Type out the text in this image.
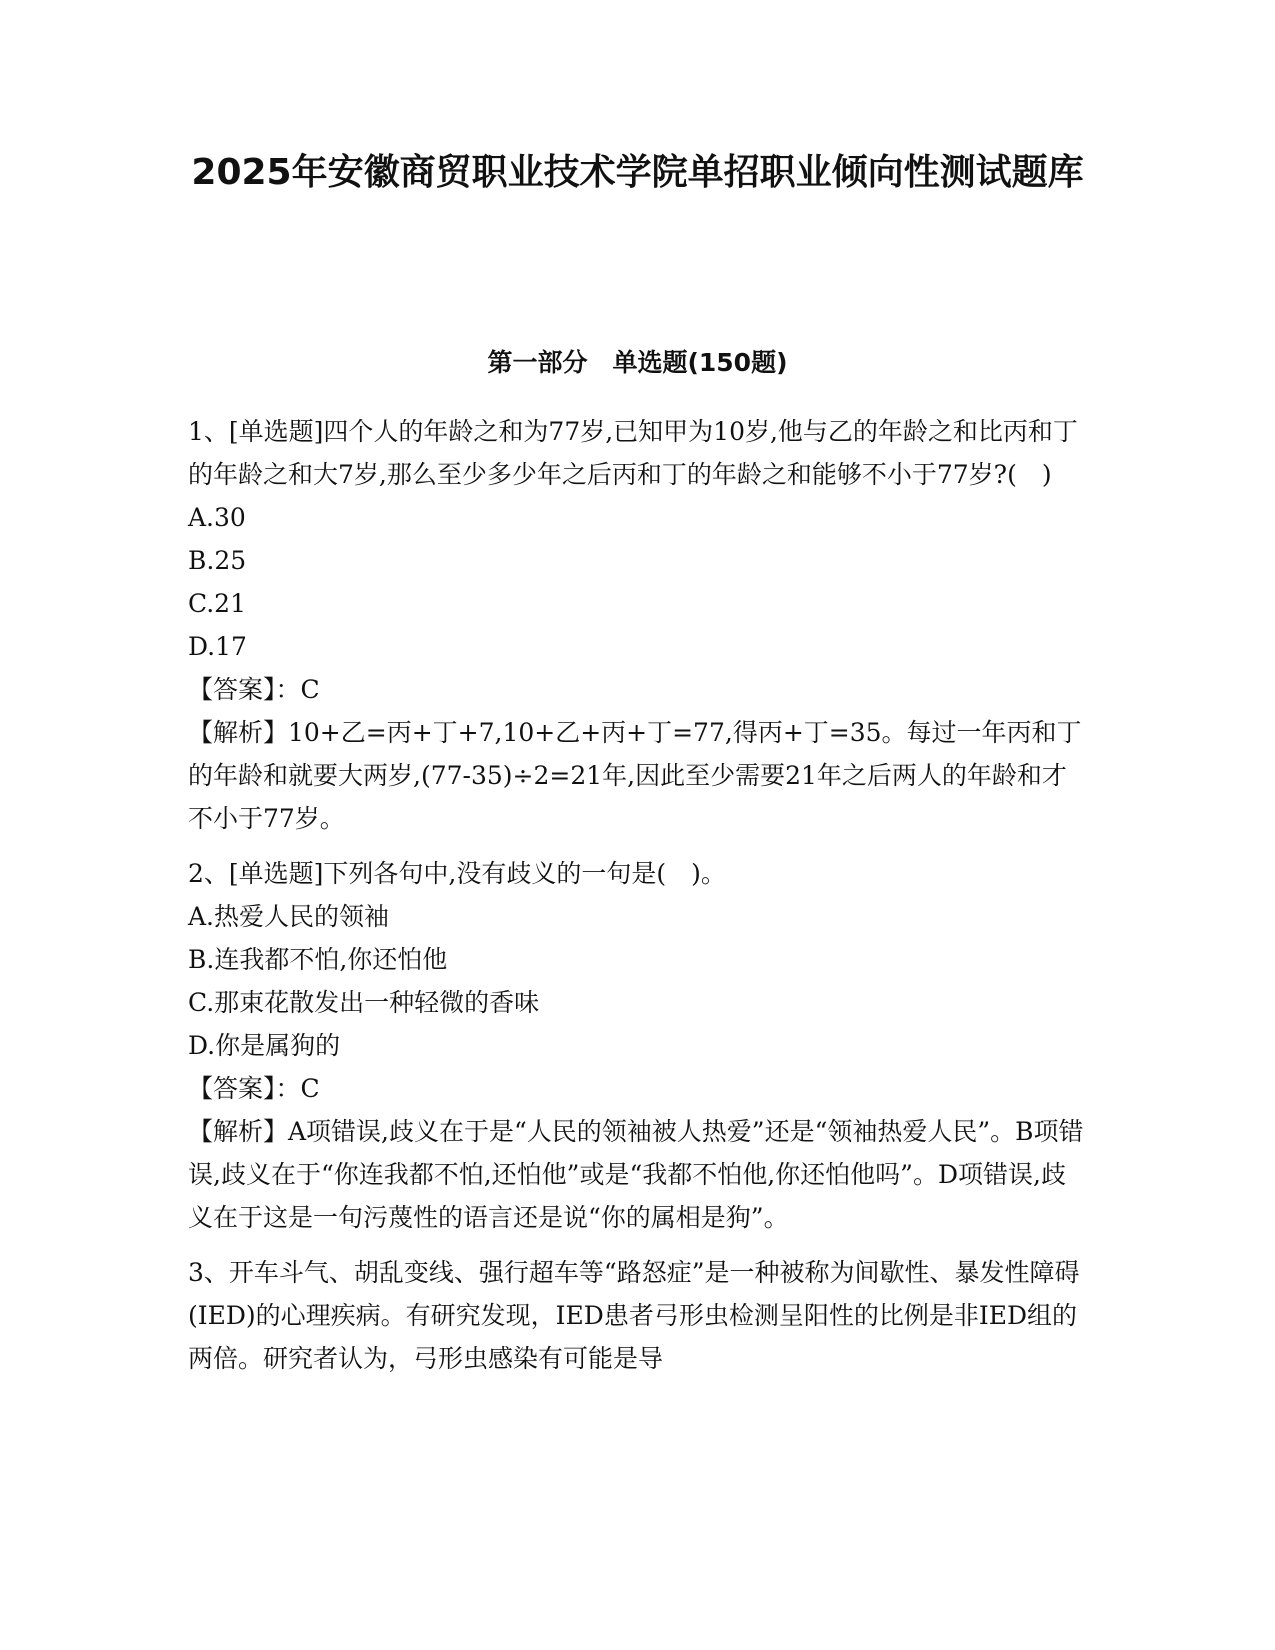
2025年安徽商贸职业技术学院单招职业倾向性测试题库
第一部分　单选题(150题)

1、[单选题]四个人的年龄之和为77岁,已知甲为10岁,他与乙的年龄之和比丙和丁的年龄之和大7岁,那么至少多少年之后丙和丁的年龄之和能够不小于77岁?(　)

A.30

B.25

C.21

D.17

【答案】：C

【解析】10+乙=丙+丁+7,10+乙+丙+丁=77,得丙+丁=35。每过一年丙和丁的年龄和就要大两岁,(77-35)÷2=21年,因此至少需要21年之后两人的年龄和才不小于77岁。

2、[单选题]下列各句中,没有歧义的一句是(　)。

A.热爱人民的领袖

B.连我都不怕,你还怕他

C.那束花散发出一种轻微的香味

D.你是属狗的

【答案】：C

【解析】A项错误,歧义在于是“人民的领袖被人热爱”还是“领袖热爱人民”。B项错误,歧义在于“你连我都不怕,还怕他”或是“我都不怕他,你还怕他吗”。D项错误,歧义在于这是一句污蔑性的语言还是说“你的属相是狗”。

3、开车斗气、胡乱变线、强行超车等“路怒症”是一种被称为间歇性、暴发性障碍(IED)的心理疾病。有研究发现，IED患者弓形虫检测呈阳性的比例是非IED组的两倍。研究者认为，弓形虫感染有可能是导
